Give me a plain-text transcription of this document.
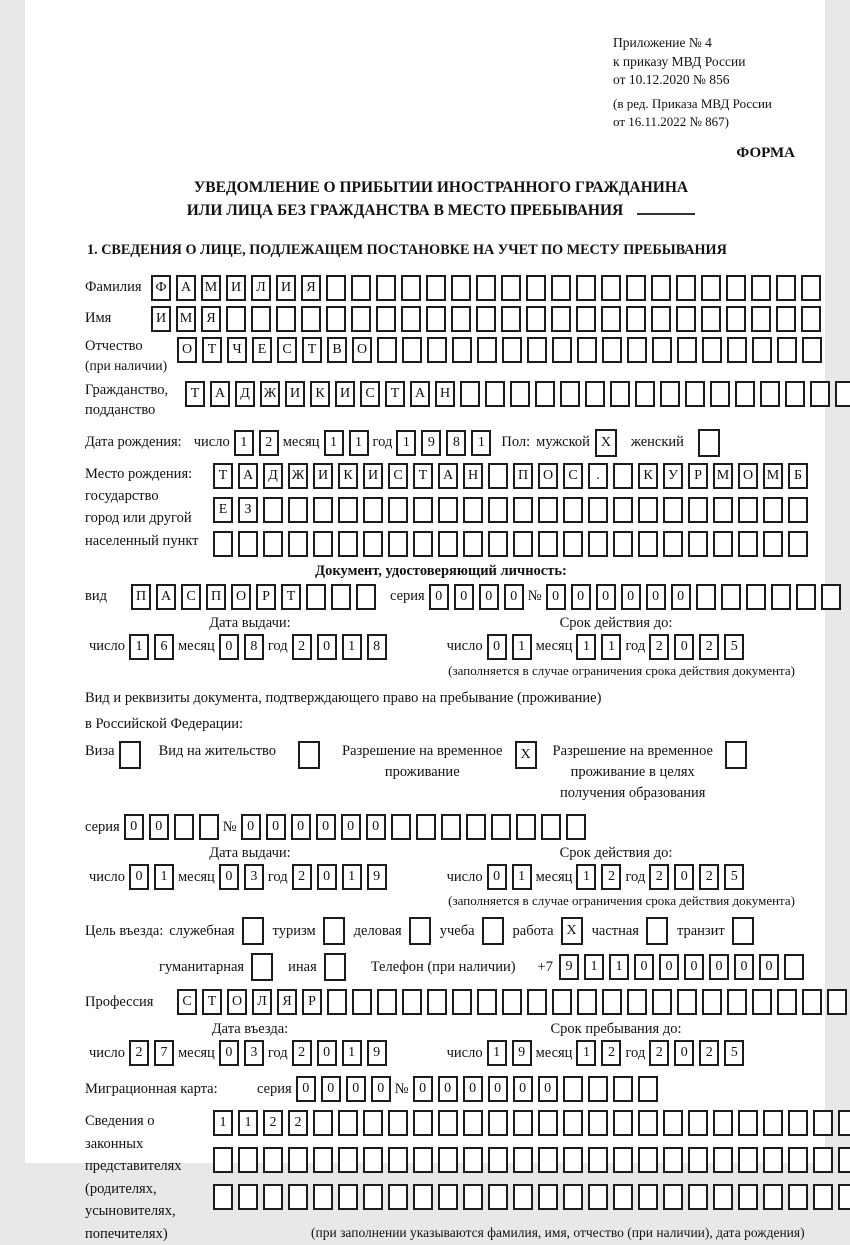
Приложение № 4
к приказу МВД России
от 10.12.2020 № 856
(в ред. Приказа МВД России
от 16.11.2022 № 867)
ФОРМА
УВЕДОМЛЕНИЕ О ПРИБЫТИИ ИНОСТРАННОГО ГРАЖДАНИНА
ИЛИ ЛИЦА БЕЗ ГРАЖДАНСТВА В МЕСТО ПРЕБЫВАНИЯ
1. СВЕДЕНИЯ О ЛИЦЕ, ПОДЛЕЖАЩЕМ ПОСТАНОВКЕ НА УЧЕТ ПО МЕСТУ ПРЕБЫВАНИЯ
Фамилия Ф	А М И	Л	И	Я
Имя	И М	Я
Отчество
(при наличии)
О	Т	Ч	Е	С	Т	В	О
Гражданство,
подданство
Т	А	Д Ж И	К	И	С	Т	А	Н
Дата рождения: число 1	2 месяц 1	1 год 1	9	8	1	Пол: мужской X	женский
Место рождения:
государство
город или другой
населенный пункт
Т	А	Д Ж И	К	И	С	Т	А	Н	П	О	С	.	К	У	Р	М О М	Б
Е	З
Документ, удостоверяющий личность:
вид	П	А	С	П	О	Р	Т	серия 0	0	0	0 № 0	0	0	0	0	0
Дата выдачи:	Срок действия до:
число 1	6 месяц 0	8 год 2	0	1	8	число 0	1 месяц 1	1 год 2	0	2	5
(заполняется в случае ограничения срока действия документа)
Вид и реквизиты документа, подтверждающего право на пребывание (проживание)
в Российской Федерации:
Виза	Вид на жительство	Разрешение на временное
проживание
X	Разрешение на временное
проживание в целях
получения образования
серия 0	0	№ 0	0	0	0	0	0
Дата выдачи:	Срок действия до:
число 0	1 месяц 0	3 год 2	0	1	9	число 0	1 месяц 1	2 год 2	0	2	5
(заполняется в случае ограничения срока действия документа)
Цель въезда: служебная	туризм	деловая	учеба	работа X	частная	транзит
гуманитарная	иная	Телефон (при наличии) +7 9	1	1	0	0	0	0	0	0
Профессия	С	Т	О	Л	Я	Р
Дата въезда:	Срок пребывания до:
число 2	7 месяц 0	3 год 2	0	1	9	число 1	9 месяц 1	2 год 2	0	2	5
Миграционная карта:	серия 0	0	0	0 № 0	0	0	0	0	0
Сведения о
законных
представителях
(родителях,
усыновителях,
попечителях)
1	1	2	2
(при заполнении указываются фамилия, имя, отчество (при наличии), дата рождения)
